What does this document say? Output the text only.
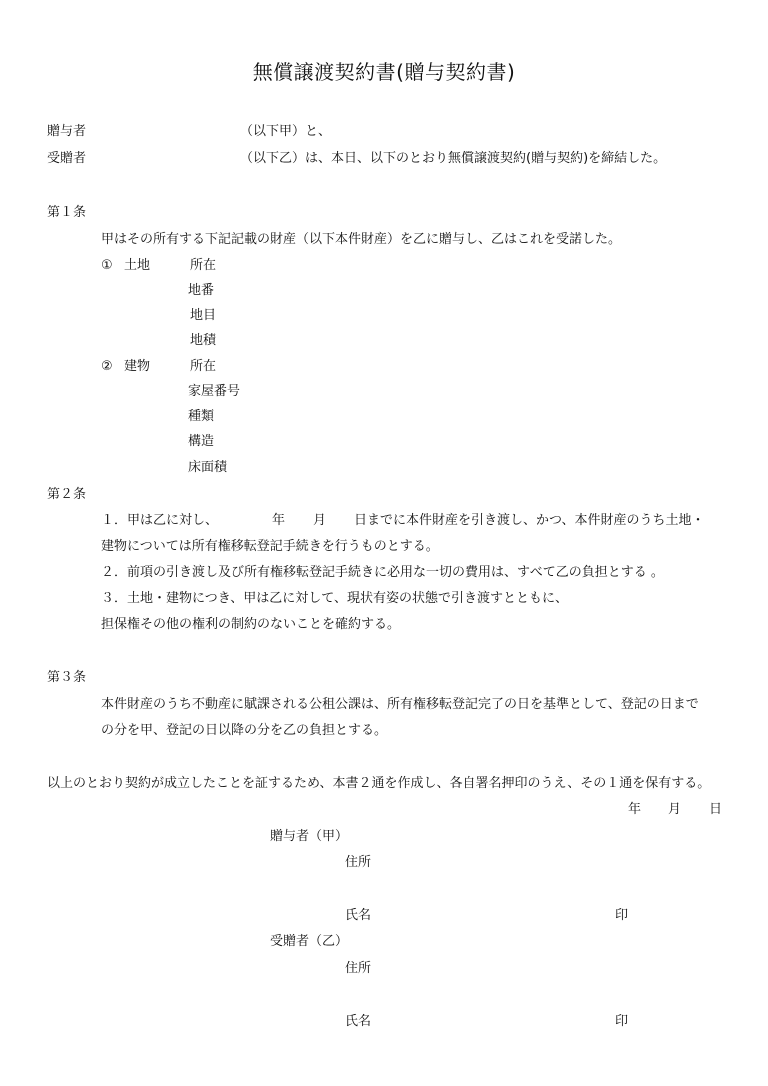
無償譲渡契約書(贈与契約書)
贈与者	（以下甲）と、
受贈者	（以下乙）は、本日、以下のとおり無償譲渡契約(贈与契約)を締結した。
第１条
甲はその所有する下記記載の財産（以下本件財産）を乙に贈与し、乙はこれを受諾した。
① 土地	所在
地番
地目
地積
② 建物	所在
家屋番号
種類
構造
床面積
第２条
１．甲は乙に対し、	年 月 日までに本件財産を引き渡し、かつ、本件財産のうち土地・
建物については所有権移転登記手続きを行うものとする。
２．前項の引き渡し及び所有権移転登記手続きに必用な一切の費用は、すべて乙の負担とする 。
３．土地・建物につき、甲は乙に対して、現状有姿の状態で引き渡すとともに、
担保権その他の権利の制約のないことを確約する。
第３条
本件財産のうち不動産に賦課される公租公課は、所有権移転登記完了の日を基準として、登記の日まで
の分を甲、登記の日以降の分を乙の負担とする。
以上のとおり契約が成立したことを証するため、本書２通を作成し、各自署名押印のうえ、その１通を保有する。
年 月 日
贈与者（甲）
住所
氏名	印
受贈者（乙）
住所
氏名	印
